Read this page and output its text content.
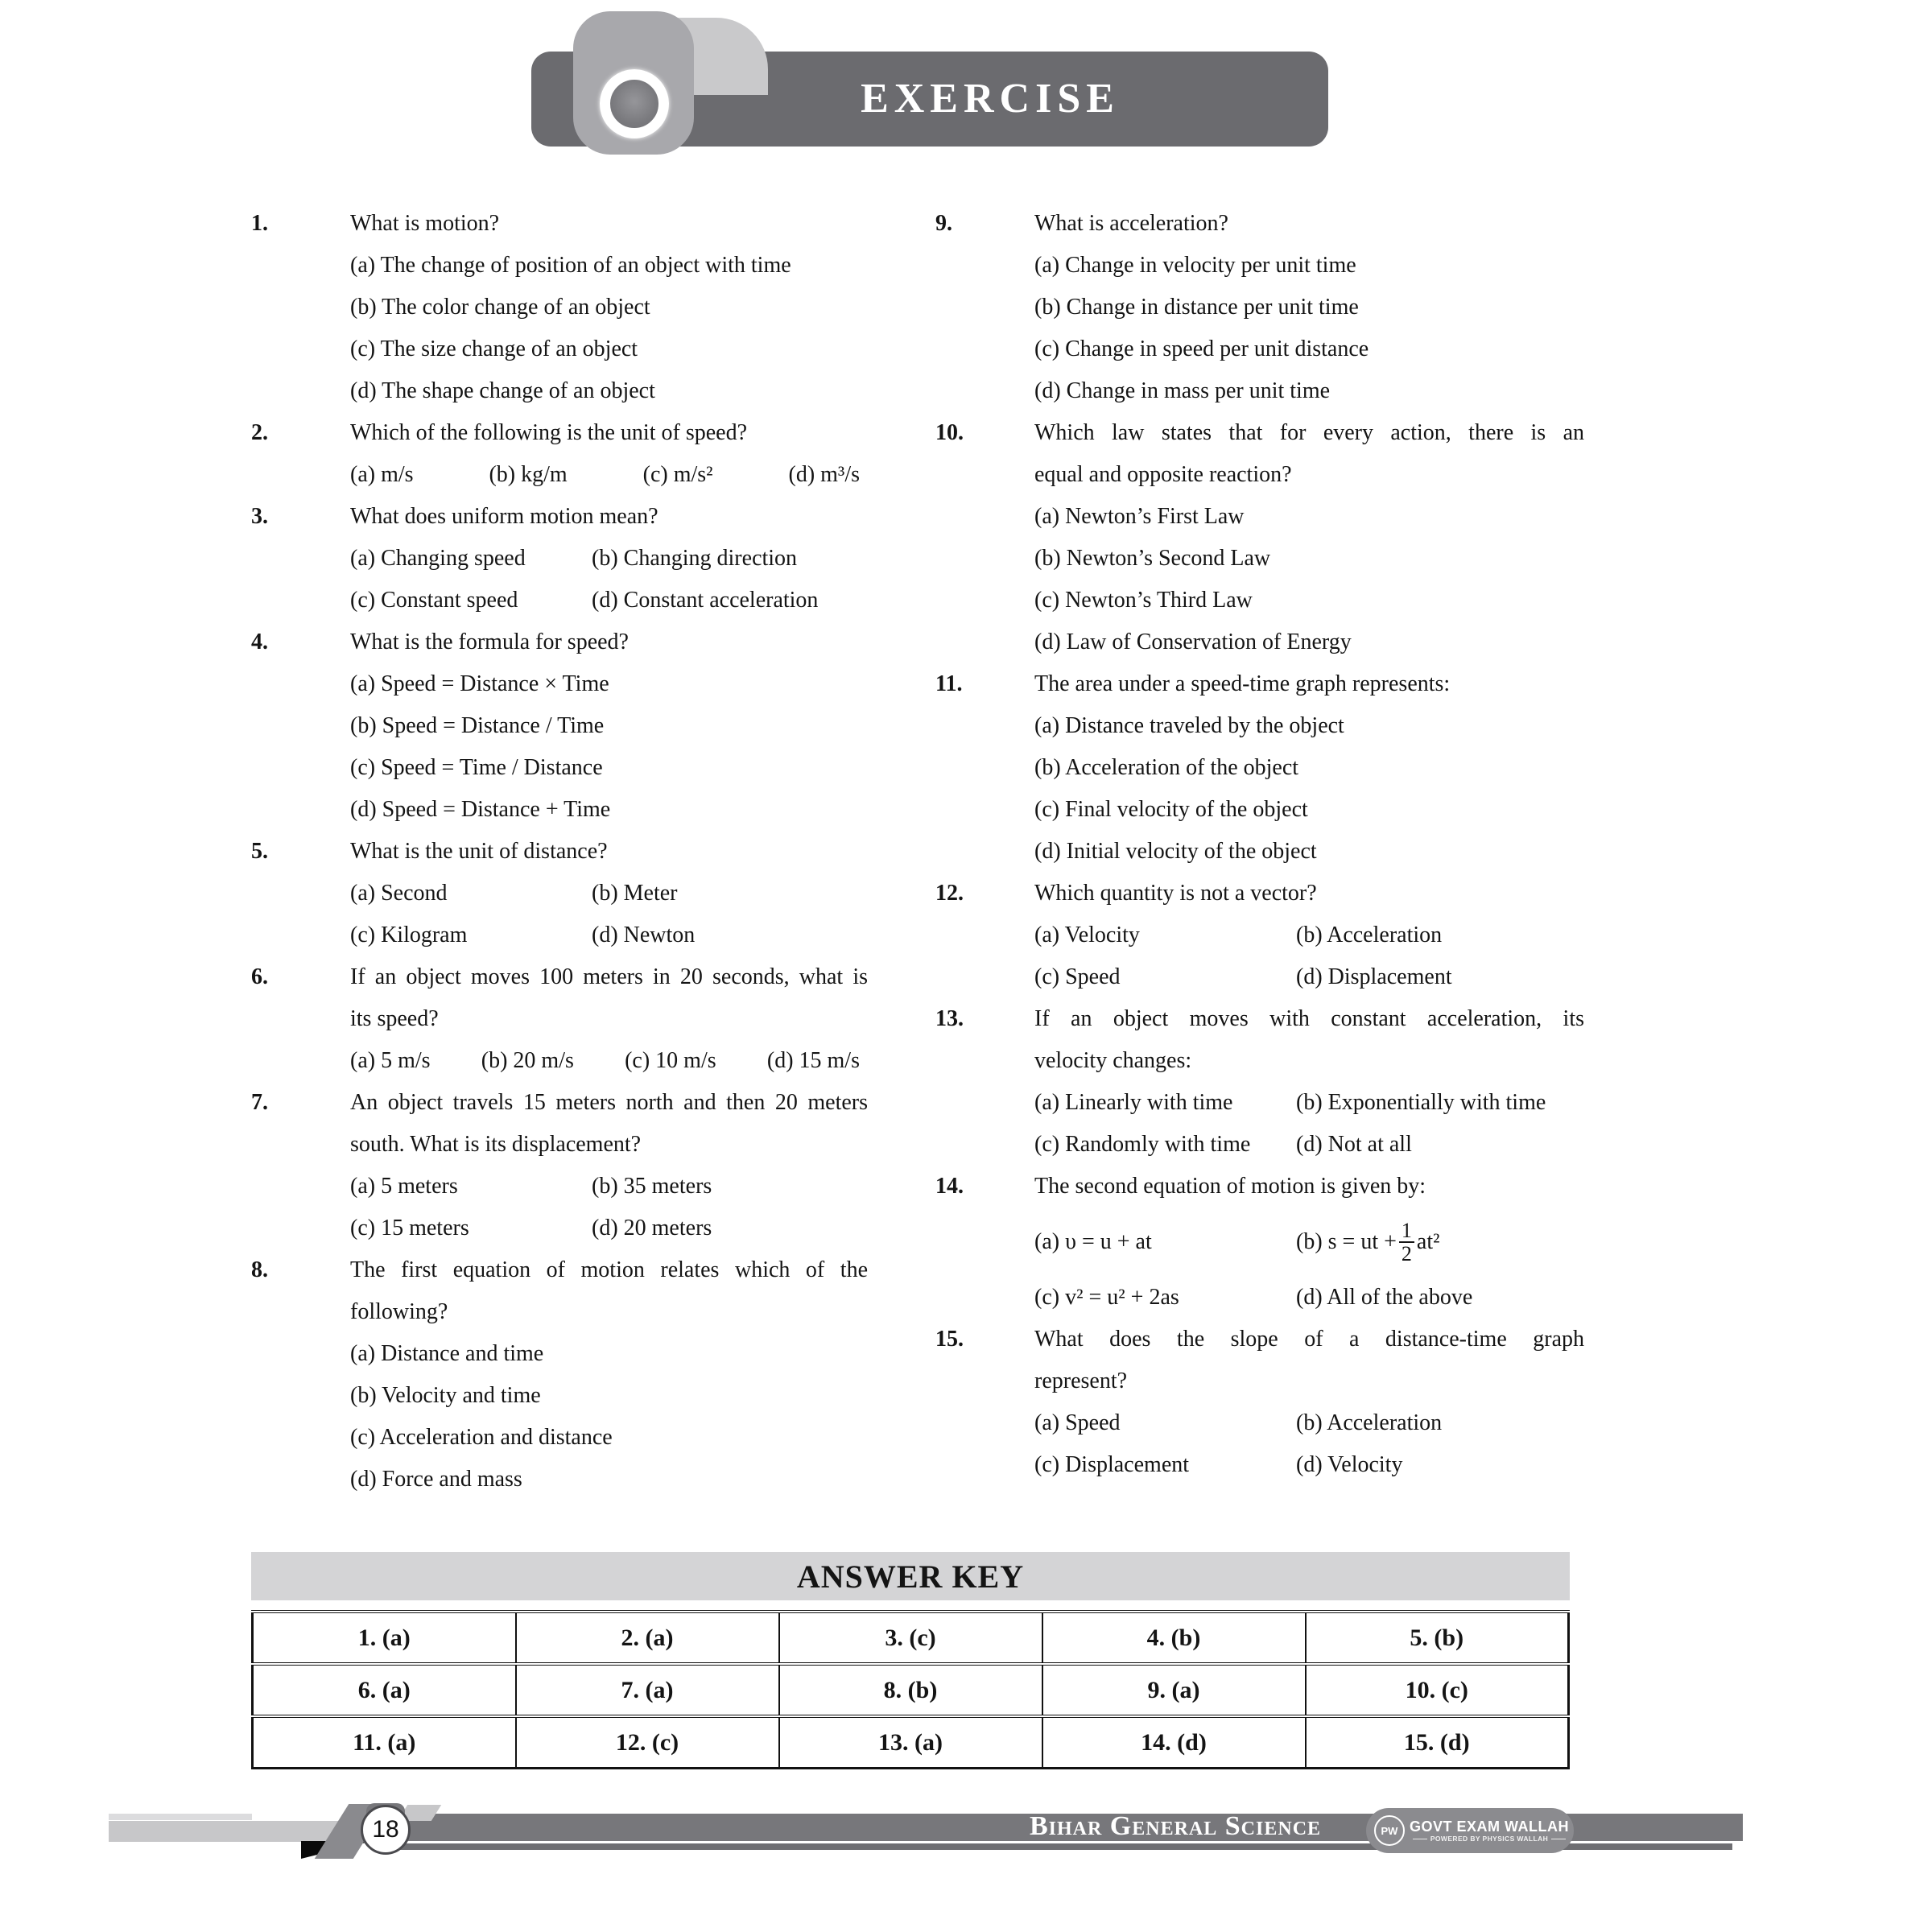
EXERCISE
1.	What is motion?
(a) The change of position of an object with time
(b) The color change of an object
(c) The size change of an object
(d) The shape change of an object
2.	Which of the following is the unit of speed?
(a) m/s	(b) kg/m	(c) m/s²	(d) m³/s
3.	What does uniform motion mean?
(a) Changing speed	(b) Changing direction
(c) Constant speed	(d) Constant acceleration
4.	What is the formula for speed?
(a) Speed = Distance × Time
(b) Speed = Distance / Time
(c) Speed = Time / Distance
(d) Speed = Distance + Time
5.	What is the unit of distance?
(a) Second	(b) Meter
(c) Kilogram	(d) Newton
6.	If an object moves 100 meters in 20 seconds, what is
its speed?
(a) 5 m/s (b) 20 m/s (c) 10 m/s (d) 15 m/s
7.	An object travels 15 meters north and then 20 meters
south. What is its displacement?
(a) 5 meters	(b) 35 meters
(c) 15 meters	(d) 20 meters
8.	The first equation of motion relates which of the
following?
(a) Distance and time
(b) Velocity and time
(c) Acceleration and distance
(d) Force and mass
9.	What is acceleration?
(a) Change in velocity per unit time
(b) Change in distance per unit time
(c) Change in speed per unit distance
(d) Change in mass per unit time
10.	Which law states that for every action, there is an
equal and opposite reaction?
(a) Newton’s First Law
(b) Newton’s Second Law
(c) Newton’s Third Law
(d) Law of Conservation of Energy
11.	The area under a speed-time graph represents:
(a) Distance traveled by the object
(b) Acceleration of the object
(c) Final velocity of the object
(d) Initial velocity of the object
12.	Which quantity is not a vector?
(a) Velocity	(b) Acceleration
(c) Speed	(d) Displacement
13.	If an object moves with constant acceleration, its
velocity changes:
(a) Linearly with time	(b) Exponentially with time
(c) Randomly with time	(d) Not at all
14.	The second equation of motion is given by:
(a) υ = u + at	(b) s = ut + $\frac{1}{2} at^2$
(c) v² = u² + 2as	(d) All of the above
15.	What does the slope of a distance-time graph
represent?
(a) Speed	(b) Acceleration
(c) Displacement	(d) Velocity
ANSWER KEY
1. (a)	2. (a)	3. (c)	4. (b)	5. (b)
6. (a)	7. (a)	8. (b)	9. (a)	10. (c)
11. (a)	12. (c)	13. (a)	14. (d)	15. (d)
18	Bihar General Science	PW GOVT EXAM WALLAH
POWERED BY PHYSICS WALLAH
